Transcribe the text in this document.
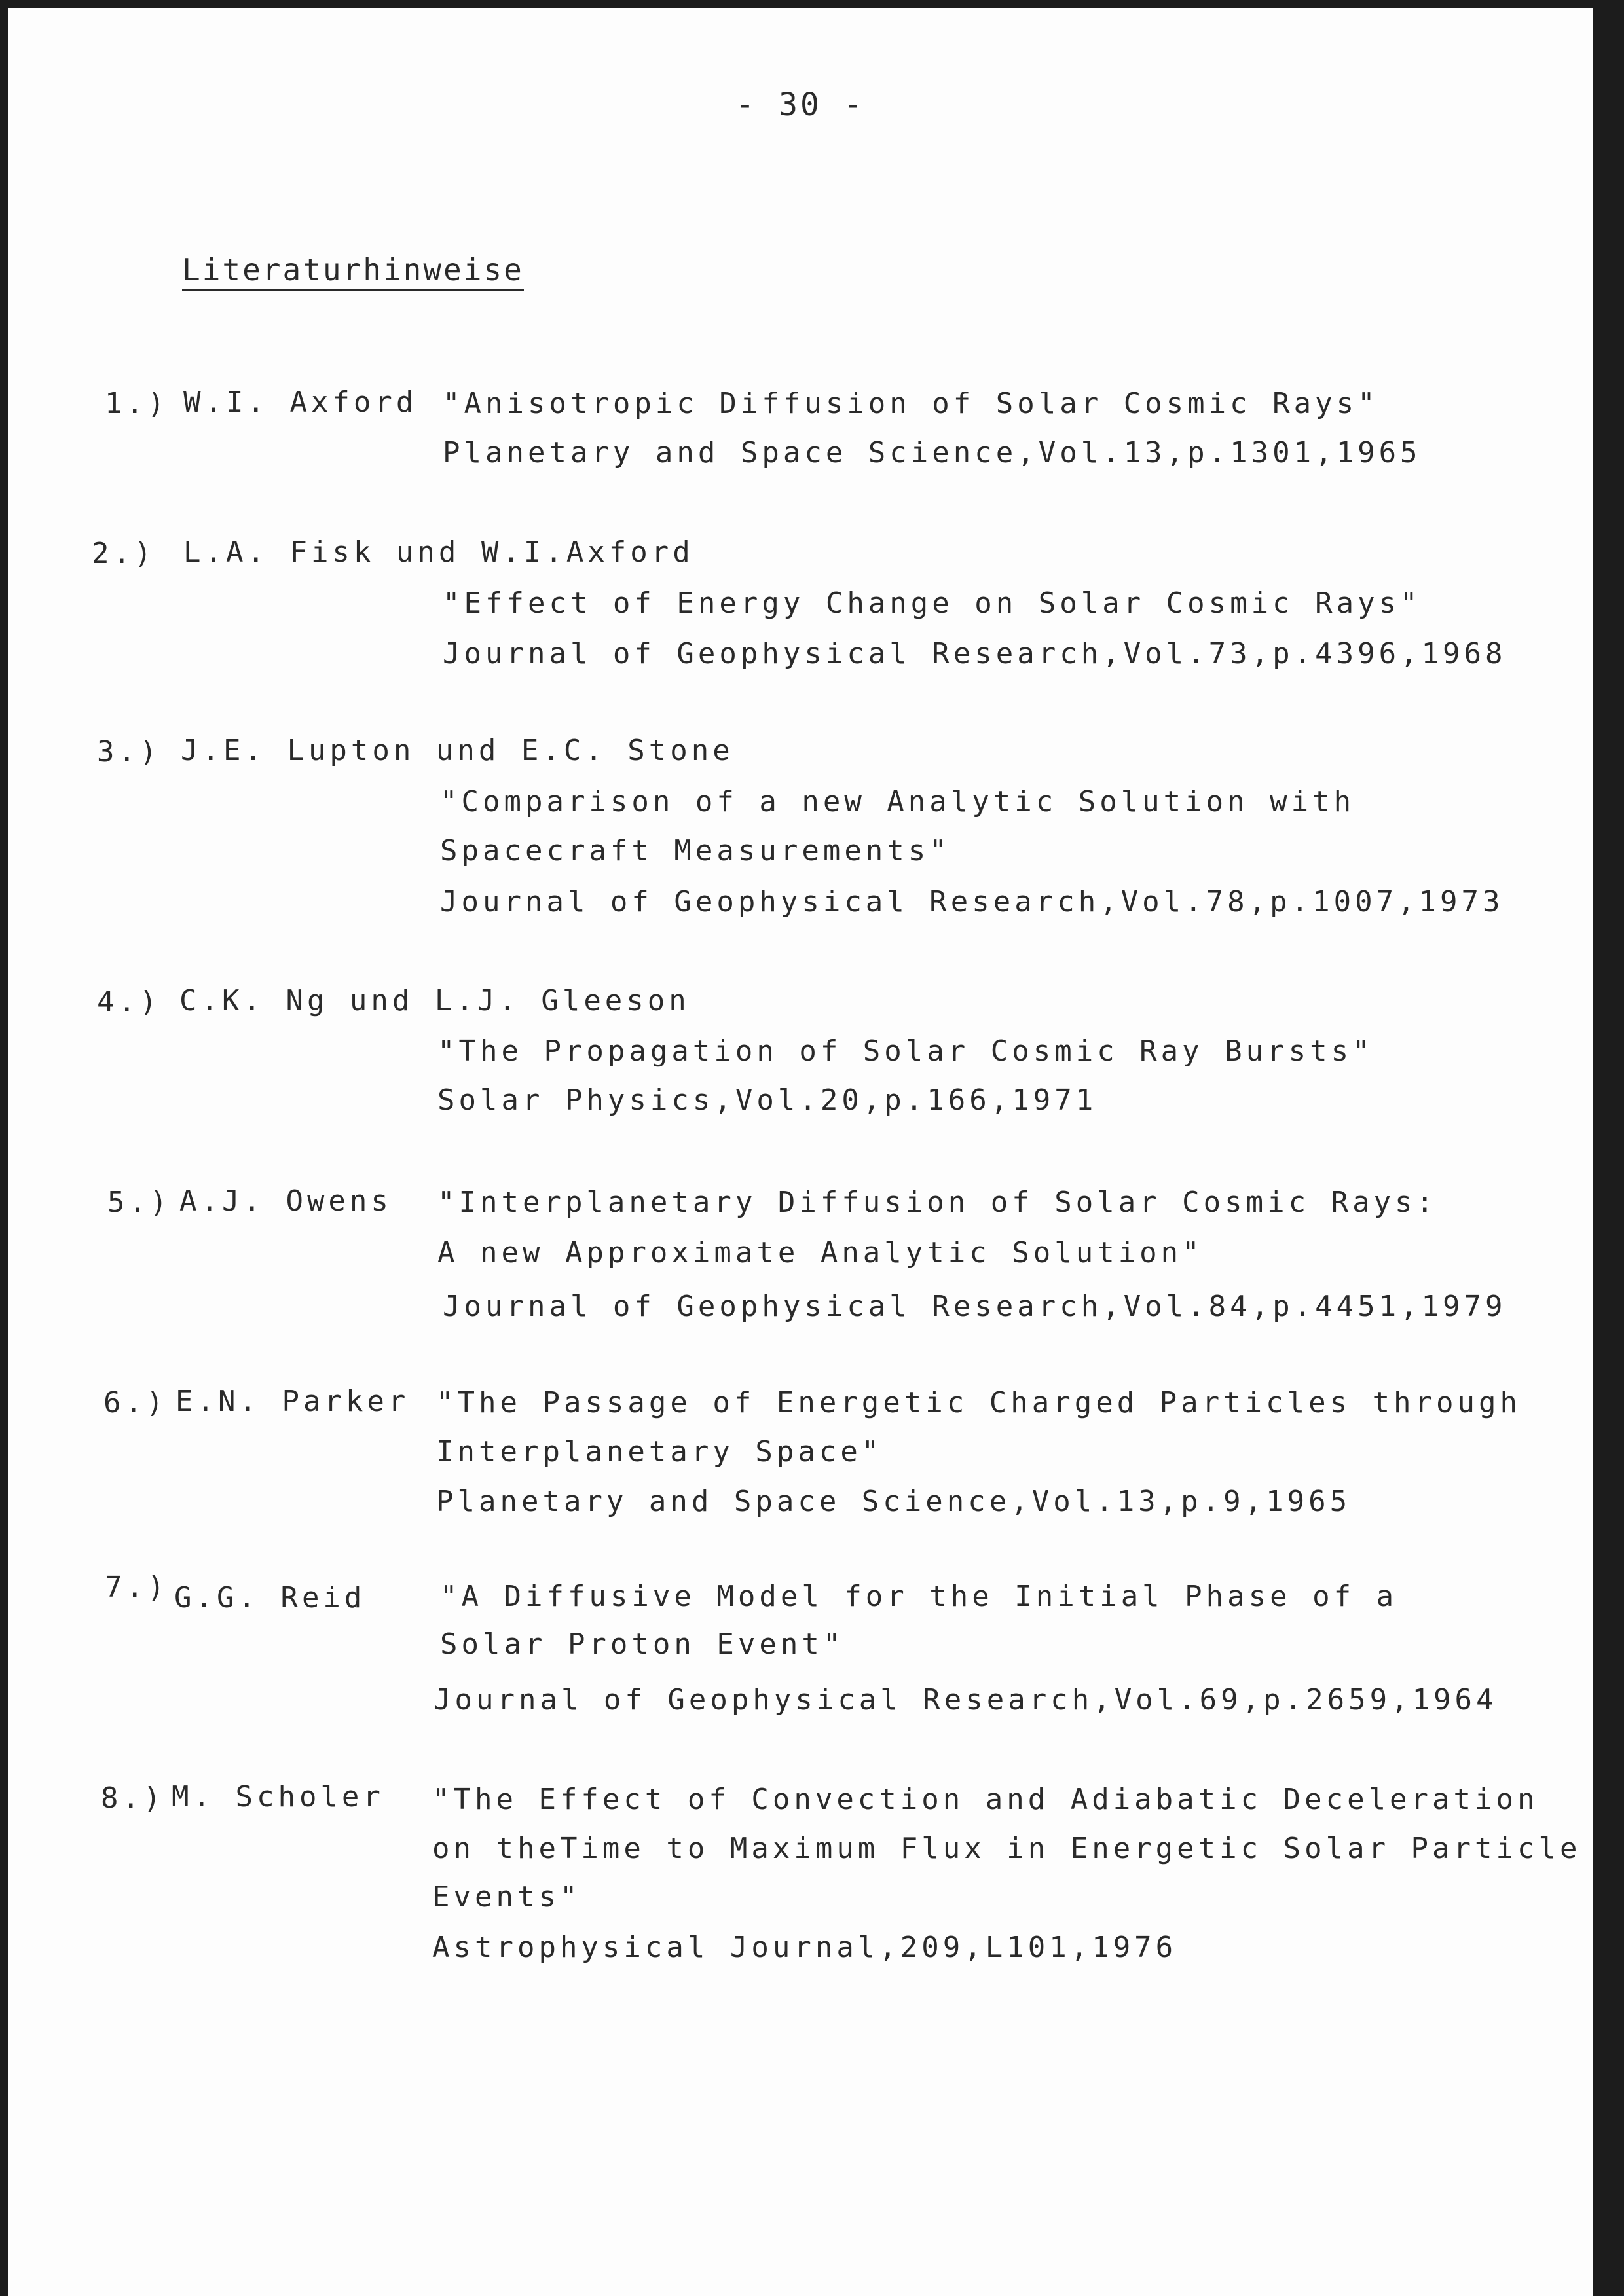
- 30 -
Literaturhinweise

1.)

W.I. Axford

"Anisotropic Diffusion of Solar Cosmic Rays"

Planetary and Space Science,Vol.13,p.1301,1965

2.)

L.A. Fisk und W.I.Axford

"Effect of Energy Change on Solar Cosmic Rays"

Journal of Geophysical Research,Vol.73,p.4396,1968

3.)

J.E. Lupton und E.C. Stone

"Comparison of a new Analytic Solution with

Spacecraft Measurements"

Journal of Geophysical Research,Vol.78,p.1007,1973

4.)

C.K. Ng und L.J. Gleeson

"The Propagation of Solar Cosmic Ray Bursts"

Solar Physics,Vol.20,p.166,1971

5.)

A.J. Owens

"Interplanetary Diffusion of Solar Cosmic Rays:

A new Approximate Analytic Solution"

Journal of Geophysical Research,Vol.84,p.4451,1979

6.)

E.N. Parker

"The Passage of Energetic Charged Particles through

Interplanetary Space"

Planetary and Space Science,Vol.13,p.9,1965

7.)

G.G. Reid

	"A Diffusive Model for the Initial Phase of a

Solar Proton Event"

Journal of Geophysical Research,Vol.69,p.2659,1964

8.)

M. Scholer

"The Effect of Convection and Adiabatic Deceleration

on theTime to Maximum Flux in Energetic Solar Particle

Events"

Astrophysical Journal,209,L101,1976
